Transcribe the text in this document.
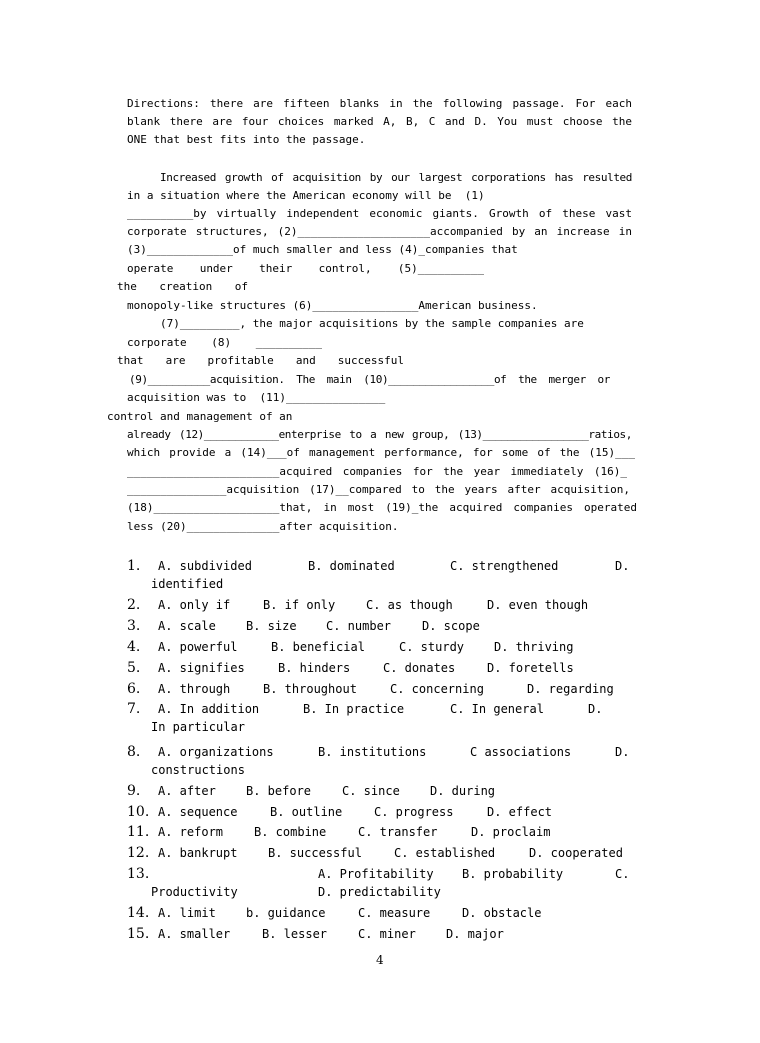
Directions: there are fifteen blanks in the following passage. For each
blank there are four choices marked A, B, C and D. You must choose the
ONE that best fits into the passage.
Increased growth of acquisition by our largest corporations has resulted
in a situation where the American economy will be  (1)
__________by virtually independent economic giants. Growth of these vast
corporate structures, (2)____________________accompanied by an increase in
(3)_____________of much smaller and less (4)_companies that
operate under their control, (5)__________
the creation of
monopoly-like structures (6)________________American business.
(7)_________, the major acquisitions by the sample companies are
corporate (8) __________
that are profitable and successful
(9)__________acquisition. The main (10)_________________of the merger or
acquisition was to  (11)_______________
control and management of an
already (12)____________enterprise to a new group, (13)_________________ratios,
which provide a (14)___of management performance, for some of the (15)___
_______________________acquired companies for the year immediately (16)_
_______________acquisition (17)__compared to the years after acquisition,
(18)___________________that, in most (19)_the acquired companies operated
less (20)______________after acquisition.
1. A. subdivided	B. dominated	C. strengthened	D.
identified
2. A. only if	B. if only	C. as though	D. even though
3. A. scale	B. size C. number	D. scope
4. A. powerful	B. beneficial	C. sturdy D. thriving
5. A. signifies	B. hinders	C. donates	D. foretells
6. A. through	B. throughout	C. concerning	D. regarding
7. A. In addition	B. In practice	C. In general	D.
In particular
8. A. organizations	B. institutions	C associations	D.
constructions
9. A. after	B. before	C. since	D. during
10. A. sequence	B. outline	C. progress	D. effect
11. A. reform	B. combine	C. transfer	D. proclaim
12. A. bankrupt	B. successful	C. established	D. cooperated
13.	A. Profitability B. probability	C.
Productivity	D. predictability
14. A. limit	b. guidance	C. measure	D. obstacle
15. A. smaller	B. lesser	C. miner	D. major
4
